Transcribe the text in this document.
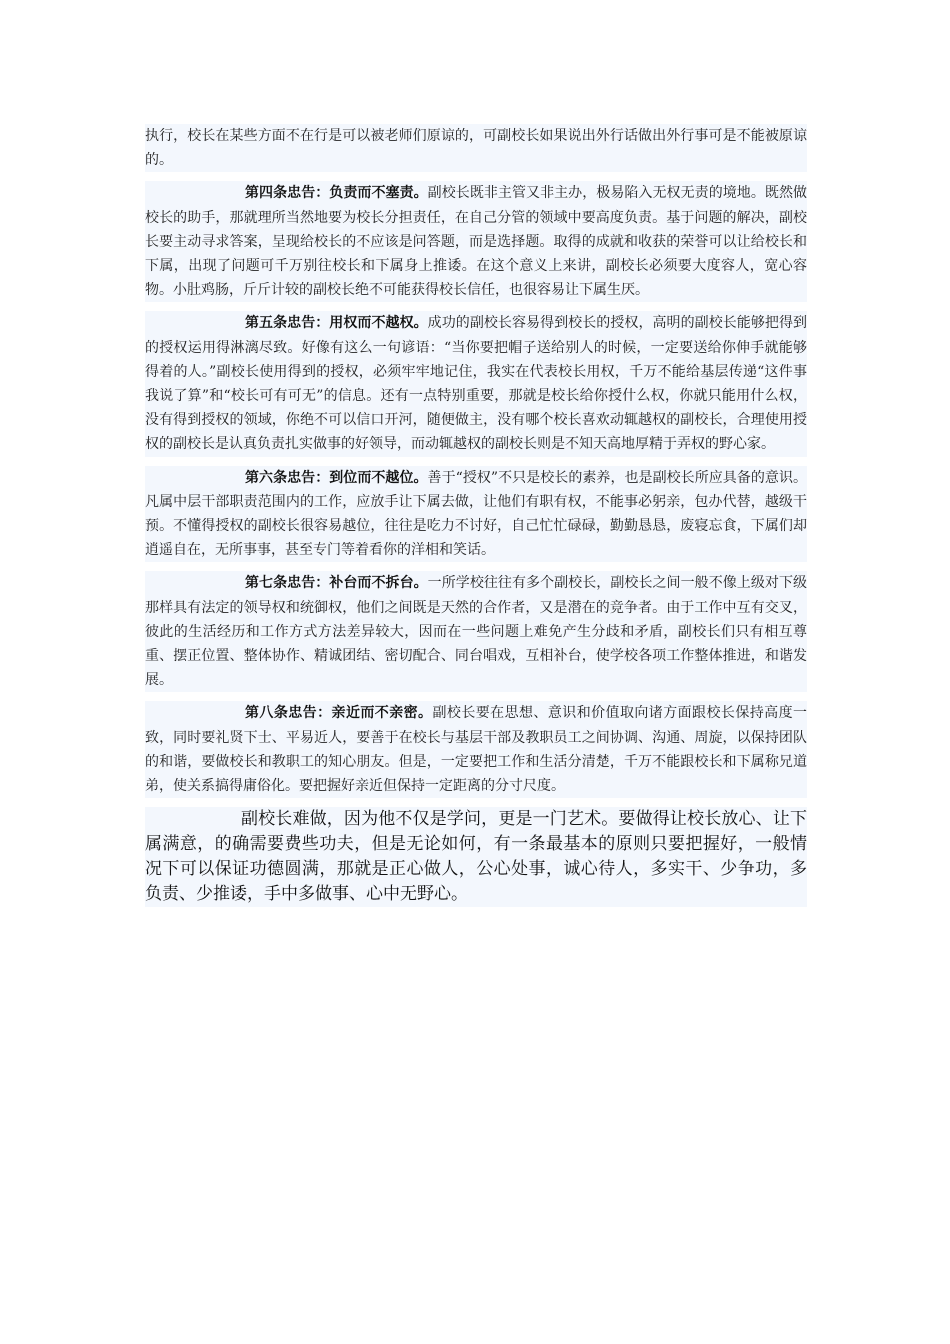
执行，校长在某些方面不在行是可以被老师们原谅的，可副校长如果说出外行话做出外行事可是不能被原谅的。

第四条忠告：负责而不塞责。副校长既非主管又非主办，极易陷入无权无责的境地。既然做校长的助手，那就理所当然地要为校长分担责任，在自己分管的领域中要高度负责。基于问题的解决，副校长要主动寻求答案，呈现给校长的不应该是问答题，而是选择题。取得的成就和收获的荣誉可以让给校长和下属，出现了问题可千万别往校长和下属身上推诿。在这个意义上来讲，副校长必须要大度容人，宽心容物。小肚鸡肠，斤斤计较的副校长绝不可能获得校长信任，也很容易让下属生厌。

第五条忠告：用权而不越权。成功的副校长容易得到校长的授权，高明的副校长能够把得到的授权运用得淋漓尽致。好像有这么一句谚语：“当你要把帽子送给别人的时候，一定要送给你伸手就能够得着的人。”副校长使用得到的授权，必须牢牢地记住，我实在代表校长用权，千万不能给基层传递“这件事我说了算”和“校长可有可无”的信息。还有一点特别重要，那就是校长给你授什么权，你就只能用什么权，没有得到授权的领域，你绝不可以信口开河，随便做主，没有哪个校长喜欢动辄越权的副校长，合理使用授权的副校长是认真负责扎实做事的好领导，而动辄越权的副校长则是不知天高地厚精于弄权的野心家。

第六条忠告：到位而不越位。善于“授权”不只是校长的素养，也是副校长所应具备的意识。凡属中层干部职责范围内的工作，应放手让下属去做，让他们有职有权，不能事必躬亲，包办代替，越级干预。不懂得授权的副校长很容易越位，往往是吃力不讨好，自己忙忙碌碌，勤勤恳恳，废寝忘食，下属们却逍遥自在，无所事事，甚至专门等着看你的洋相和笑话。

第七条忠告：补台而不拆台。一所学校往往有多个副校长，副校长之间一般不像上级对下级那样具有法定的领导权和统御权，他们之间既是天然的合作者，又是潜在的竞争者。由于工作中互有交叉，彼此的生活经历和工作方式方法差异较大，因而在一些问题上难免产生分歧和矛盾，副校长们只有相互尊重、摆正位置、整体协作、精诚团结、密切配合、同台唱戏，互相补台，使学校各项工作整体推进，和谐发展。

第八条忠告：亲近而不亲密。副校长要在思想、意识和价值取向诸方面跟校长保持高度一致，同时要礼贤下士、平易近人，要善于在校长与基层干部及教职员工之间协调、沟通、周旋，以保持团队的和谐，要做校长和教职工的知心朋友。但是，一定要把工作和生活分清楚，千万不能跟校长和下属称兄道弟，使关系搞得庸俗化。要把握好亲近但保持一定距离的分寸尺度。

副校长难做，因为他不仅是学问，更是一门艺术。要做得让校长放心、让下属满意，的确需要费些功夫，但是无论如何，有一条最基本的原则只要把握好，一般情况下可以保证功德圆满，那就是正心做人，公心处事，诚心待人，多实干、少争功，多负责、少推诿，手中多做事、心中无野心。
